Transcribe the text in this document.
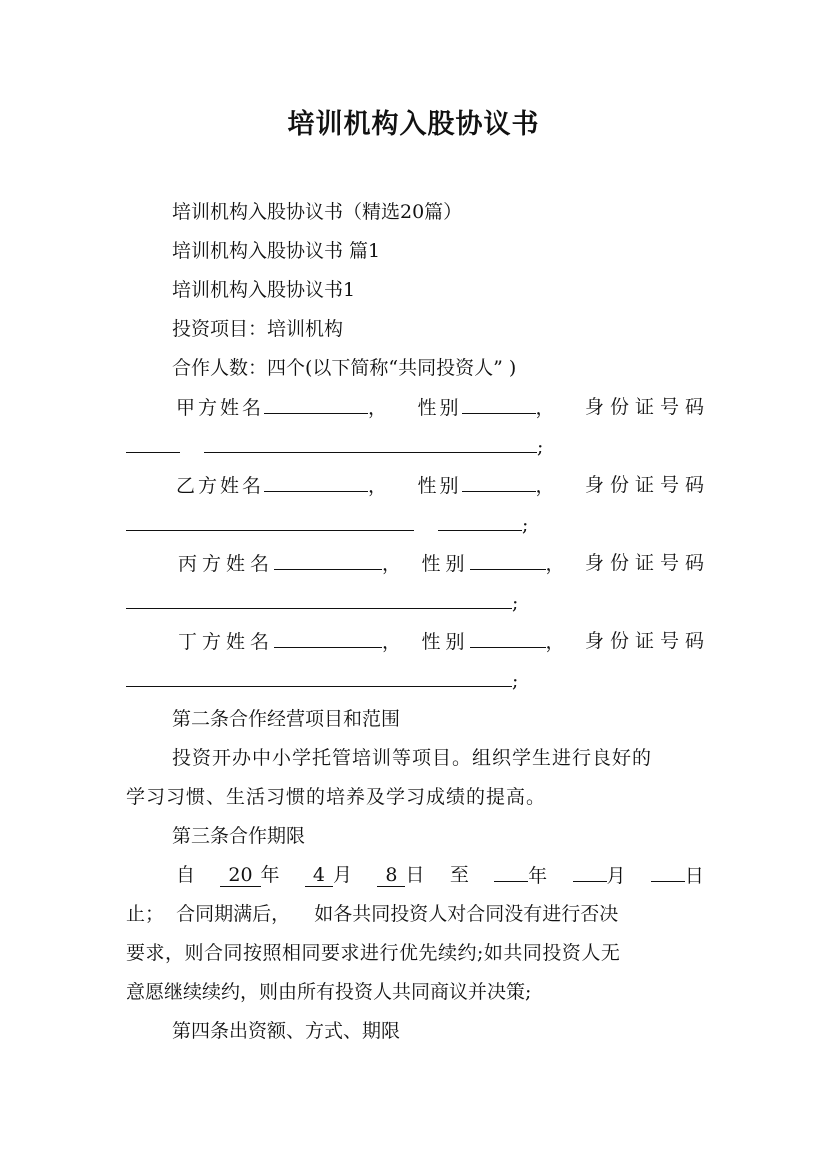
培训机构入股协议书
培训机构入股协议书（精选20篇）
培训机构入股协议书 篇1
培训机构入股协议书1
投资项目：培训机构
合作人数：四个(以下简称“共同投资人” )
甲方姓名	， 性别	， 身份证号码
;
乙方姓名	， 性别	， 身份证号码
;
丙方姓名	， 性别	， 身份证号码
;
丁方姓名	， 性别	， 身份证号码
;
第二条合作经营项目和范围
投资开办中小学托管培训等项目。组织学生进行良好的
学习习惯、生活习惯的培养及学习成绩的提高。
第三条合作期限
自	20 年	4 月	8 日 至	年	月	日
止；  合同期满后，    如各共同投资人对合同没有进行否决
要求，则合同按照相同要求进行优先续约;如共同投资人无
意愿继续续约，则由所有投资人共同商议并决策;
第四条出资额、方式、期限
